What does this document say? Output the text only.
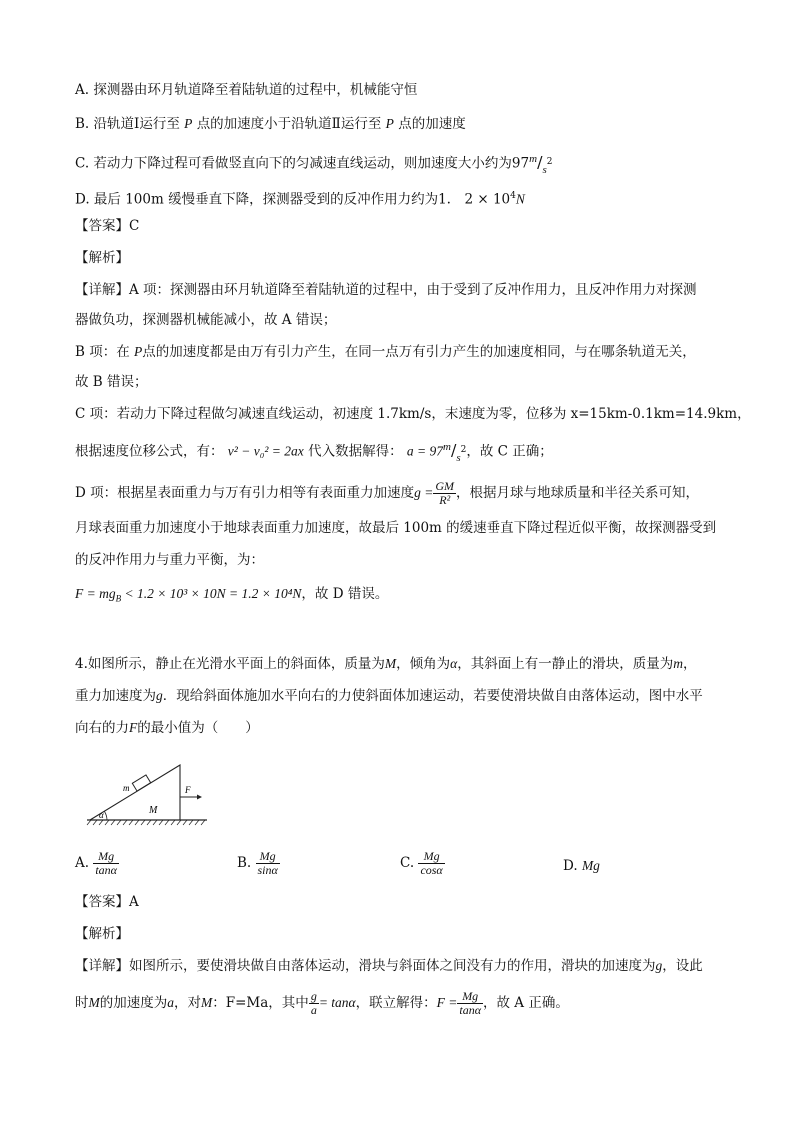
A. 探测器由环月轨道降至着陆轨道的过程中，机械能守恒
B. 沿轨道Ⅰ运行至 P 点的加速度小于沿轨道Ⅱ运行至 P 点的加速度
C. 若动力下降过程可看做竖直向下的匀减速直线运动，则加速度大小约为$97^m/_s^2$
D. 最后 100m 缓慢垂直下降，探测器受到的反冲作用力约为1.　$2 \times 10^4N$
【答案】C
【解析】
【详解】A 项：探测器由环月轨道降至着陆轨道的过程中，由于受到了反冲作用力，且反冲作用力对探测
器做负功，探测器机械能减小，故 A 错误；
B 项：在 P点的加速度都是由万有引力产生，在同一点万有引力产生的加速度相同，与在哪条轨道无关，
故 B 错误；
C 项：若动力下降过程做匀减速直线运动，初速度 1.7km/s，末速度为零，位移为 x=15km-0.1km=14.9km，
根据速度位移公式，有： v² − v₀² = 2ax 代入数据解得： $a = 97^m/_s^2$，故 C 正确；
D 项：根据星表面重力与万有引力相等有表面重力加速度$g = \frac{GM}{\text{R²}}$ ，根据月球与地球质量和半径关系可知，
月球表面重力加速度小于地球表面重力加速度，故最后 100m 的缓速垂直下降过程近似平衡，故探测器受到
的反冲作用力与重力平衡，为：
$F = mg_B < 1.2 \times 10^3 \times 10N = 1.2 \times 10^4N$，故 D 错误。
4.如图所示，静止在光滑水平面上的斜面体，质量为M，倾角为α，其斜面上有一静止的滑块，质量为m，
重力加速度为g．现给斜面体施加水平向右的力使斜面体加速运动，若要使滑块做自由落体运动，图中水平
向右的力F的最小值为（　　）
α
m
M
F
A. $\frac{Mg}{\tan\alpha}$	B. $\frac{Mg}{\sin\alpha}$	C. $\frac{Mg}{\cos\alpha}$	D. Mg
【答案】A
【解析】
【详解】如图所示，要使滑块做自由落体运动，滑块与斜面体之间没有力的作用，滑块的加速度为g，设此
时M的加速度为a，对M：F=Ma，其中 $\frac{g}{a} = \tan\alpha$，联立解得：$F = \frac{Mg}{\tan\alpha}$ ，故 A 正确。
